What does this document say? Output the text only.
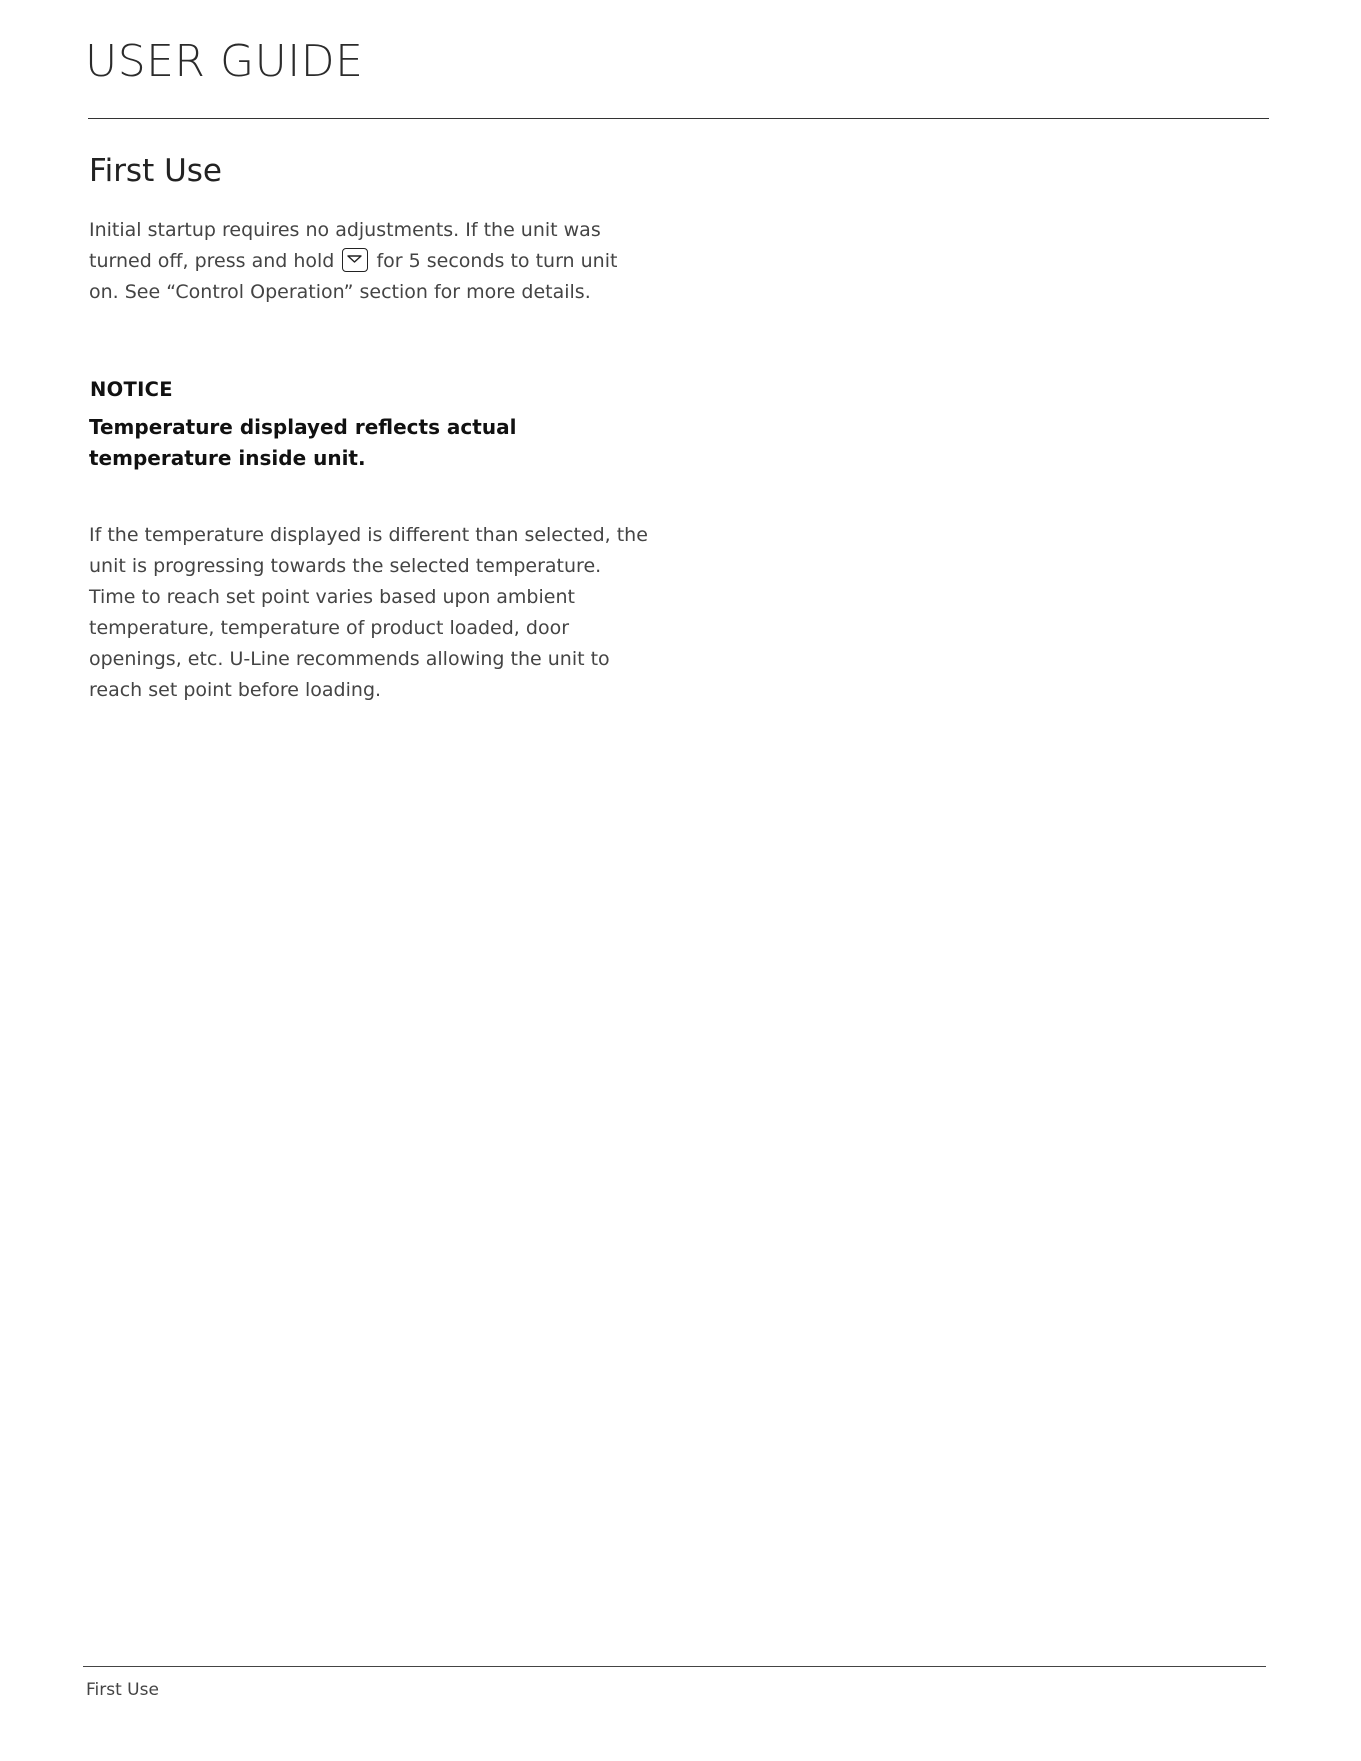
USER GUIDE
First Use

Initial startup requires no adjustments. If the unit was turned off, press and hold for 5 seconds to turn unit on. See “Control Operation” section for more details.

NOTICE

Temperature displayed reflects actual temperature inside unit.

If the temperature displayed is different than selected, the unit is progressing towards the selected temperature. Time to reach set point varies based upon ambient temperature, temperature of product loaded, door openings, etc. U-Line recommends allowing the unit to reach set point before loading.

First Use
